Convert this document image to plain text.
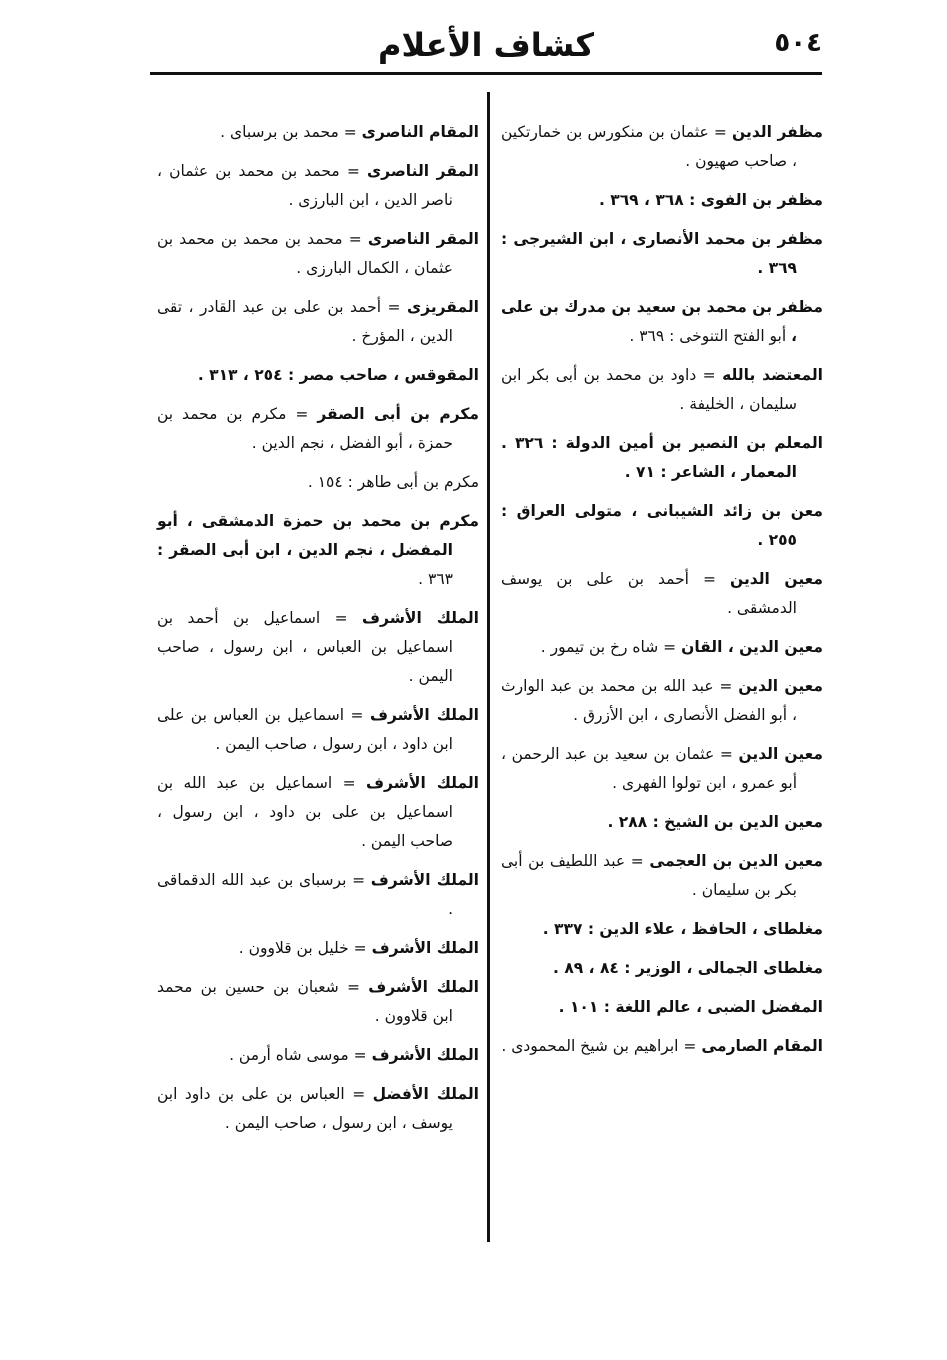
٥٠٤
كشاف الأعلام

مظفر الدين = عثمان بن منكورس بن خمارتكين ، صاحب صهيون .

مظفر بن الفوى : ٣٦٨ ، ٣٦٩ .

مظفر بن محمد الأنصارى ، ابن الشيرجى : ٣٦٩ .

مظفر بن محمد بن سعيد بن مدرك بن على ، أبو الفتح التنوخى : ٣٦٩ .

المعتضد بالله = داود بن محمد بن أبى بكر ابن سليمان ، الخليفة .

المعلم بن النصير بن أمين الدولة : ٣٢٦ . المعمار ، الشاعر : ٧١ .

معن بن زائد الشيبانى ، متولى العراق : ٢٥٥ .

معين الدين = أحمد بن على بن يوسف الدمشقى .

معين الدين ، القان = شاه رخ بن تيمور .

معين الدين = عبد الله بن محمد بن عبد الوارث ، أبو الفضل الأنصارى ، ابن الأزرق .

معين الدين = عثمان بن سعيد بن عبد الرحمن ، أبو عمرو ، ابن تولوا الفهرى .

معين الدين بن الشيخ : ٢٨٨ .

معين الدين بن العجمى = عبد اللطيف بن أبى بكر بن سليمان .

مغلطاى ، الحافظ ، علاء الدين : ٣٣٧ .

مغلطاى الجمالى ، الوزير : ٨٤ ، ٨٩ .

المفضل الضبى ، عالم اللغة : ١٠١ .

المقام الصارمى = ابراهيم بن شيخ المحمودى .

المقام الناصرى = محمد بن برسباى .

المقر الناصرى = محمد بن محمد بن عثمان ، ناصر الدين ، ابن البارزى .

المقر الناصرى = محمد بن محمد بن محمد بن عثمان ، الكمال البارزى .

المقريزى = أحمد بن على بن عبد القادر ، تقى الدين ، المؤرخ .

المقوقس ، صاحب مصر : ٢٥٤ ، ٣١٣ .

مكرم بن أبى الصقر = مكرم بن محمد بن حمزة ، أبو الفضل ، نجم الدين .

مكرم بن أبى طاهر : ١٥٤ .

مكرم بن محمد بن حمزة الدمشقى ، أبو المفضل ، نجم الدين ، ابن أبى الصقر : ٣٦٣ .

الملك الأشرف = اسماعيل بن أحمد بن اسماعيل بن العباس ، ابن رسول ، صاحب اليمن .

الملك الأشرف = اسماعيل بن العباس بن على ابن داود ، ابن رسول ، صاحب اليمن .

الملك الأشرف = اسماعيل بن عبد الله بن اسماعيل بن على بن داود ، ابن رسول ، صاحب اليمن .

الملك الأشرف = برسباى بن عبد الله الدقماقى .

الملك الأشرف = خليل بن قلاوون .

الملك الأشرف = شعبان بن حسين بن محمد ابن قلاوون .

الملك الأشرف = موسى شاه أرمن .

الملك الأفضل = العباس بن على بن داود ابن يوسف ، ابن رسول ، صاحب اليمن .
